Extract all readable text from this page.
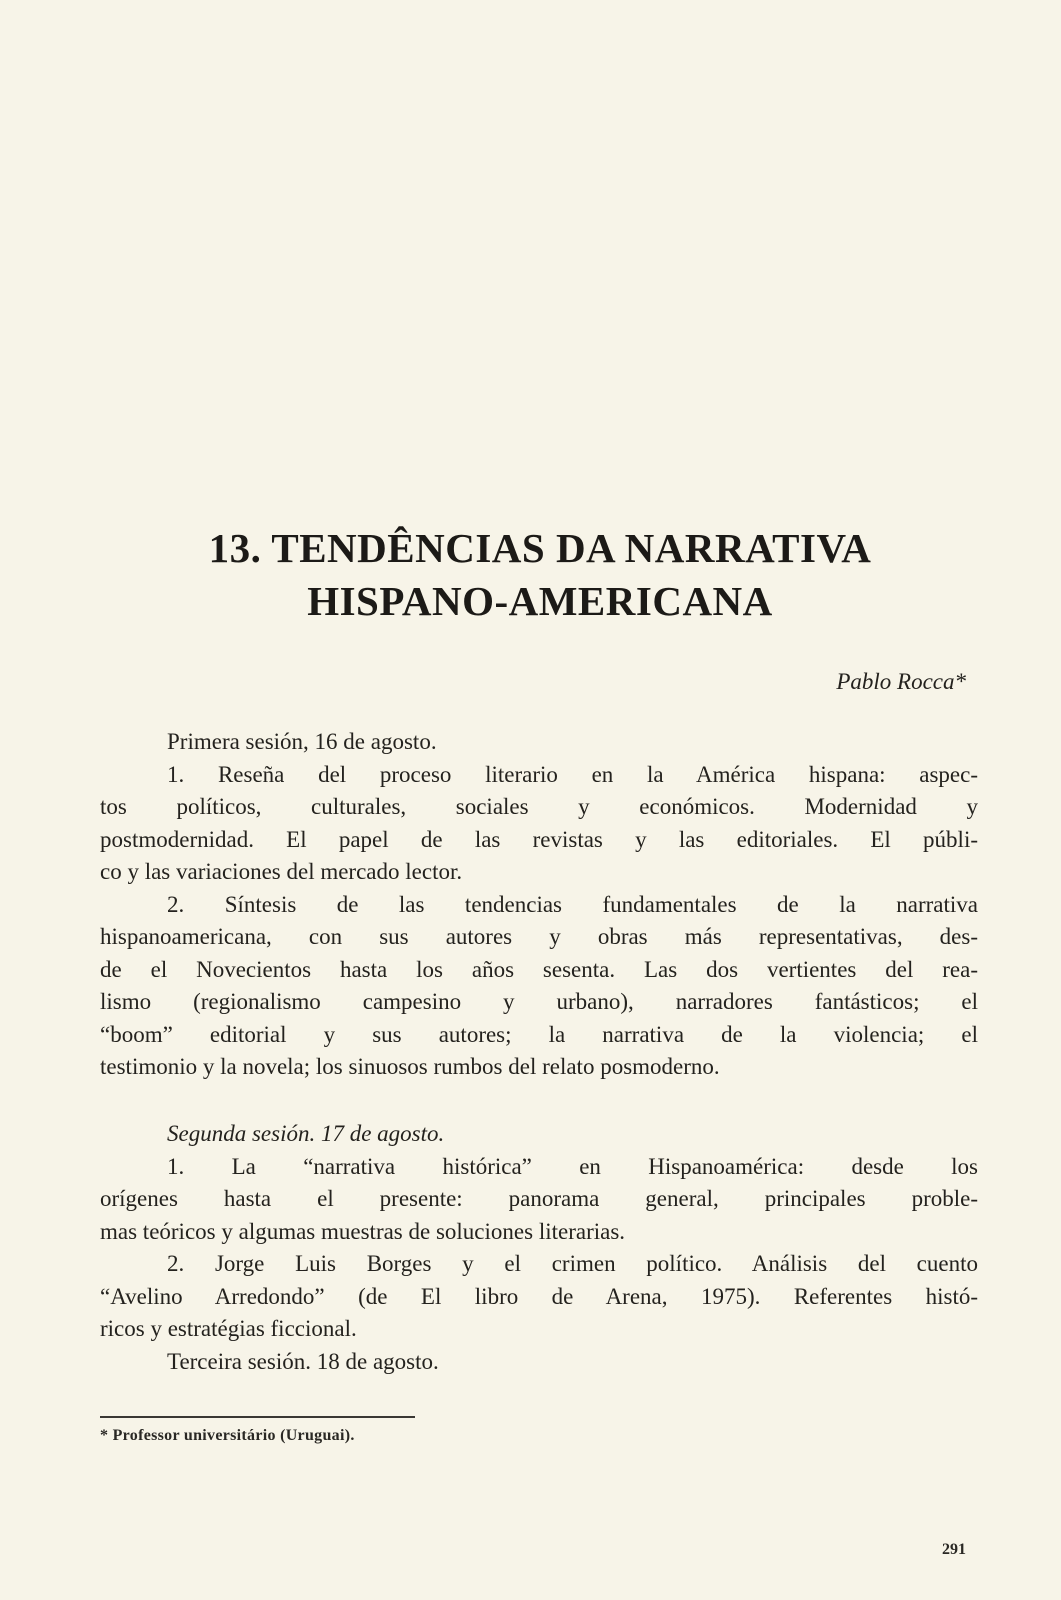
13. TENDÊNCIAS DA NARRATIVA
HISPANO-AMERICANA
Pablo Rocca*
Primera sesión, 16 de agosto.
1. Reseña del proceso literario en la América hispana: aspec-
tos políticos, culturales, sociales y económicos. Modernidad y
postmodernidad. El papel de las revistas y las editoriales. El públi-
co y las variaciones del mercado lector.
2. Síntesis de las tendencias fundamentales de la narrativa
hispanoamericana, con sus autores y obras más representativas, des-
de el Novecientos hasta los años sesenta. Las dos vertientes del rea-
lismo (regionalismo campesino y urbano), narradores fantásticos; el
“boom” editorial y sus autores; la narrativa de la violencia; el
testimonio y la novela; los sinuosos rumbos del relato posmoderno.
Segunda sesión. 17 de agosto.
1. La “narrativa histórica” en Hispanoamérica: desde los
orígenes hasta el presente: panorama general, principales proble-
mas teóricos y algumas muestras de soluciones literarias.
2. Jorge Luis Borges y el crimen político. Análisis del cuento
“Avelino Arredondo” (de El libro de Arena, 1975). Referentes histó-
ricos y estratégias ficcional.
Terceira sesión. 18 de agosto.
* Professor universitário (Uruguai).
291
